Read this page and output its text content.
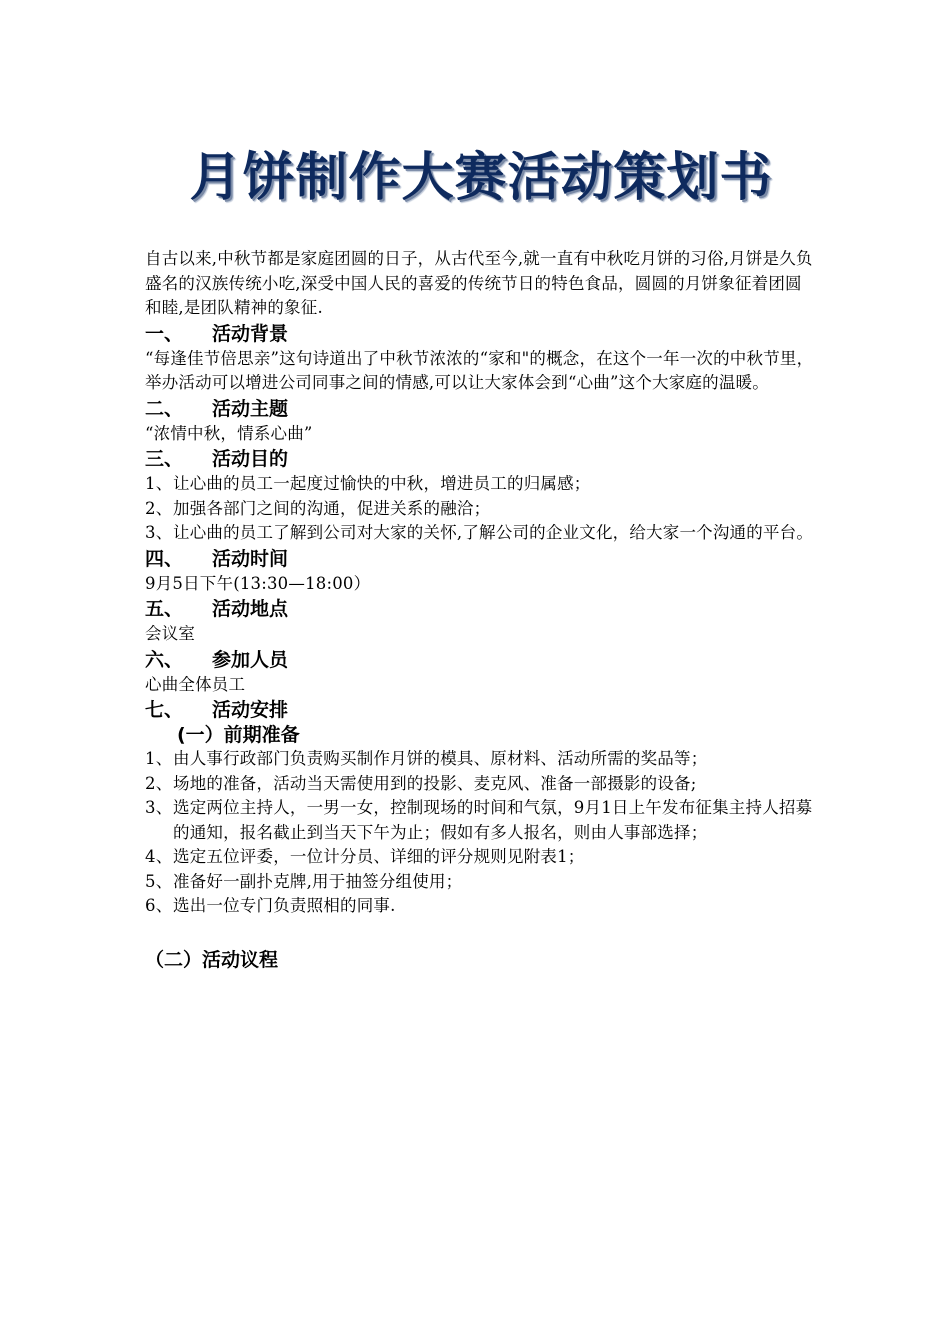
月饼制作大赛活动策划书

自古以来,中秋节都是家庭团圆的日子，从古代至今,就一直有中秋吃月饼的习俗,月饼是久负盛名的汉族传统小吃,深受中国人民的喜爱的传统节日的特色食品，圆圆的月饼象征着团圆和睦,是团队精神的象征.

一、 活动背景

“每逢佳节倍思亲”这句诗道出了中秋节浓浓的“家和"的概念，在这个一年一次的中秋节里，举办活动可以增进公司同事之间的情感,可以让大家体会到“心曲”这个大家庭的温暖。

二、 活动主题

“浓情中秋，情系心曲”

三、 活动目的
1、 让心曲的员工一起度过愉快的中秋，增进员工的归属感；
2、 加强各部门之间的沟通，促进关系的融洽；
3、 让心曲的员工了解到公司对大家的关怀,了解公司的企业文化，给大家一个沟通的平台。
四、 活动时间

9月5日下午(13:30—18:00）

五、 活动地点

会议室

六、 参加人员

心曲全体员工

七、 活动安排
(一）前期准备
1、 由人事行政部门负责购买制作月饼的模具、原材料、活动所需的奖品等；
2、 场地的准备，活动当天需使用到的投影、麦克风、准备一部摄影的设备;
3、 选定两位主持人，一男一女，控制现场的时间和气氛，9月1日上午发布征集主持人招募的通知，报名截止到当天下午为止；假如有多人报名，则由人事部选择；
4、 选定五位评委，一位计分员、详细的评分规则见附表1；
5、 准备好一副扑克牌,用于抽签分组使用；
6、 选出一位专门负责照相的同事.
（二）活动议程
